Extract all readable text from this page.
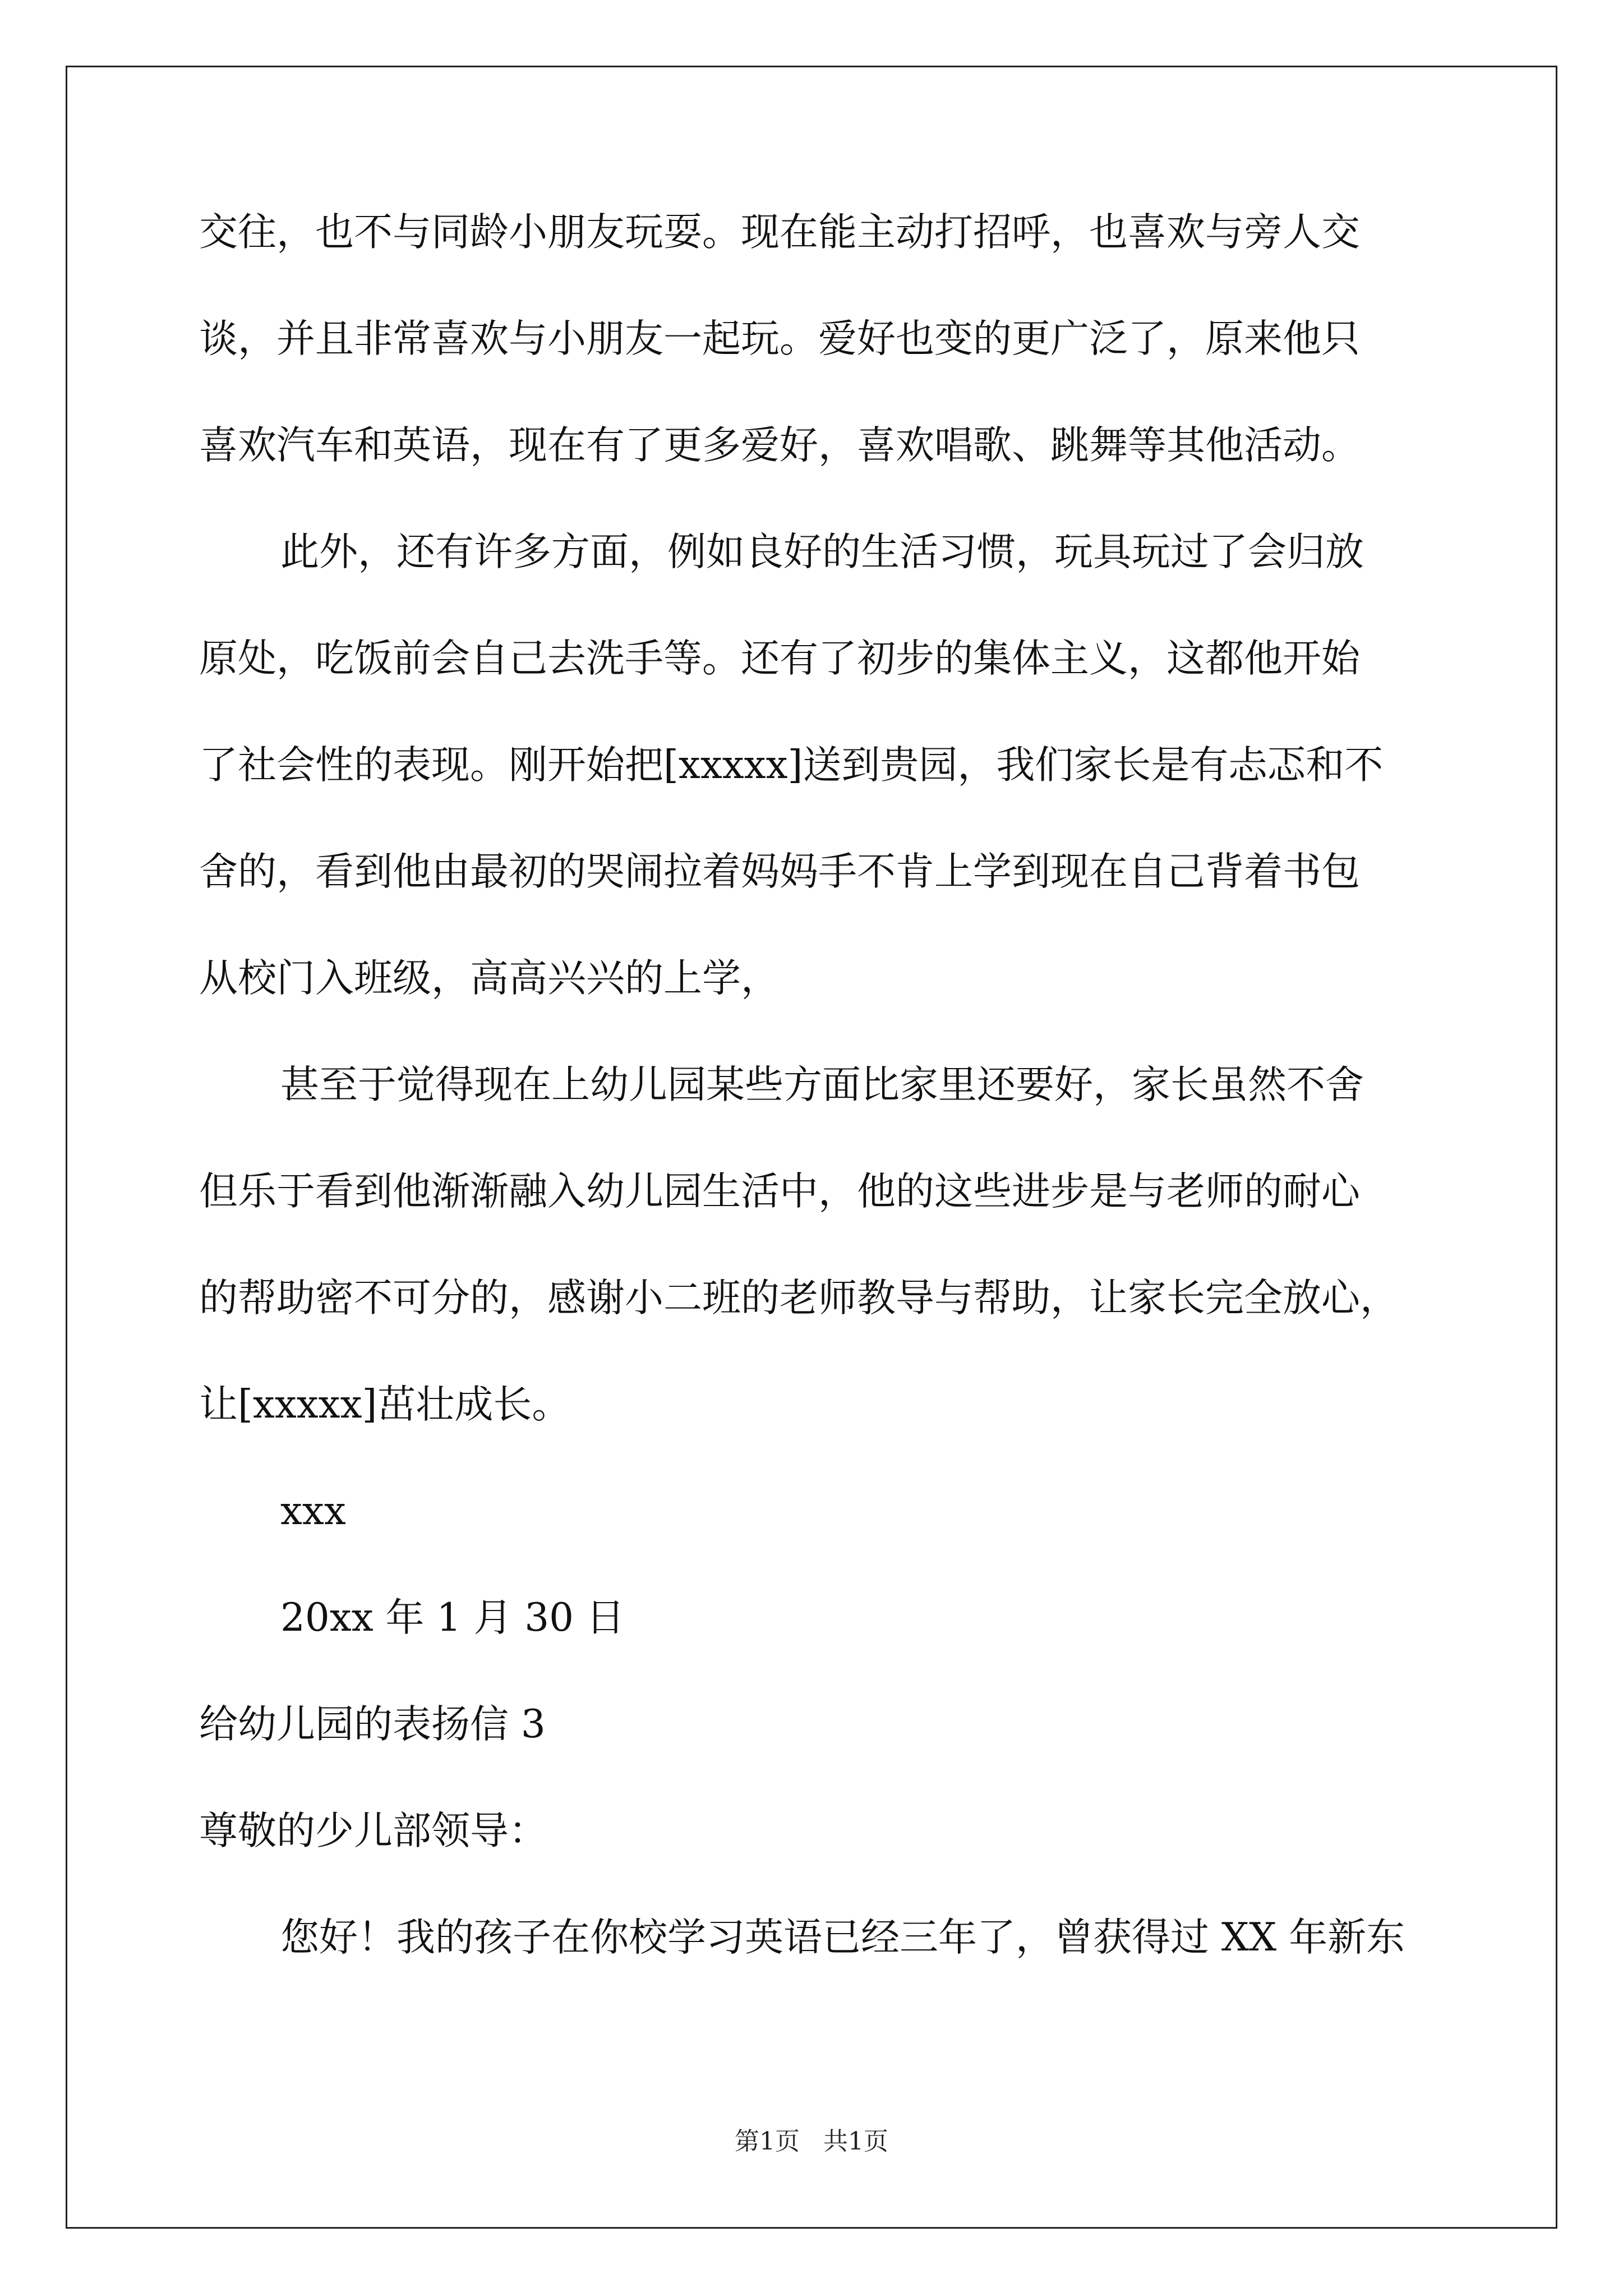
交往，也不与同龄小朋友玩耍。现在能主动打招呼，也喜欢与旁人交
谈，并且非常喜欢与小朋友一起玩。爱好也变的更广泛了，原来他只
喜欢汽车和英语，现在有了更多爱好，喜欢唱歌、跳舞等其他活动。
此外，还有许多方面，例如良好的生活习惯，玩具玩过了会归放
原处，吃饭前会自己去洗手等。还有了初步的集体主义，这都他开始
了社会性的表现。刚开始把[xxxxx]送到贵园，我们家长是有忐忑和不
舍的，看到他由最初的哭闹拉着妈妈手不肯上学到现在自己背着书包
从校门入班级，高高兴兴的上学，
甚至于觉得现在上幼儿园某些方面比家里还要好，家长虽然不舍
但乐于看到他渐渐融入幼儿园生活中，他的这些进步是与老师的耐心
的帮助密不可分的，感谢小二班的老师教导与帮助，让家长完全放心，
让[xxxxx]茁壮成长。
xxx
20xx 年 1 月 30 日
给幼儿园的表扬信 3
尊敬的少儿部领导：
您好！我的孩子在你校学习英语已经三年了，曾获得过 XX 年新东
第1页 共1页
